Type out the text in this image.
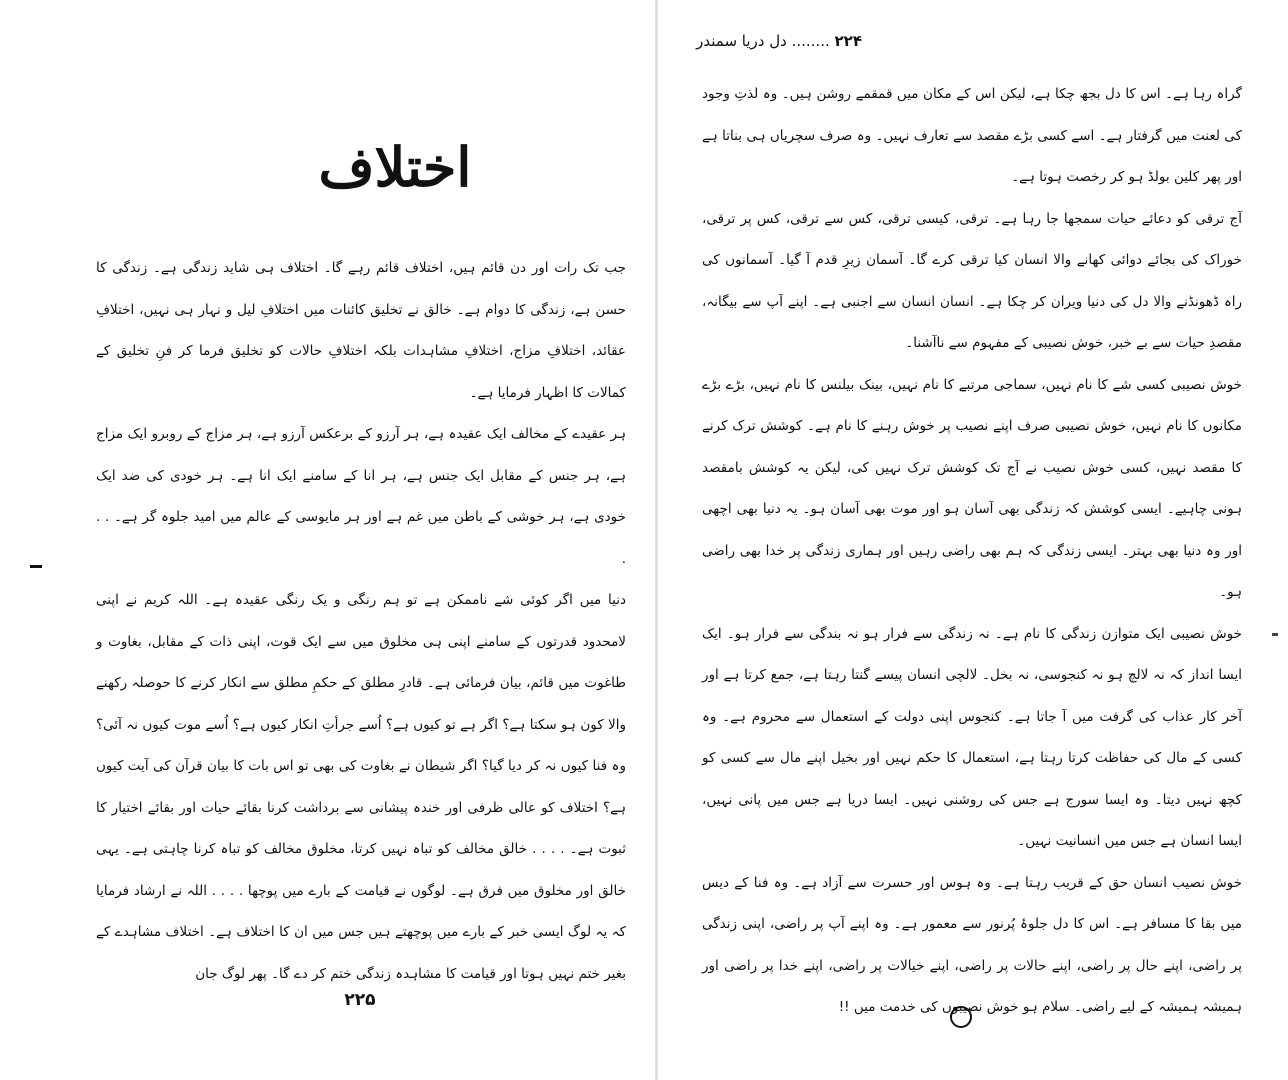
اختلاف

جب تک رات اور دن قائم ہیں، اختلاف قائم رہے گا۔ اختلاف ہی شاید زندگی ہے۔ زندگی کا حسن ہے، زندگی کا دوام ہے۔ خالق نے تخلیق کائنات میں اختلافِ لیل و نہار ہی نہیں، اختلافِ عقائد، اختلافِ مزاج، اختلافِ مشاہدات بلکہ اختلافِ حالات کو تخلیق فرما کر فنِ تخلیق کے کمالات کا اظہار فرمایا ہے۔

ہر عقیدے کے مخالف ایک عقیدہ ہے، ہر آرزو کے برعکس آرزو ہے، ہر مزاج کے روبرو ایک مزاج ہے، ہر جنس کے مقابل ایک جنس ہے، ہر انا کے سامنے ایک انا ہے۔ ہر خودی کی ضد ایک خودی ہے، ہر خوشی کے باطن میں غم ہے اور ہر مایوسی کے عالم میں امید جلوہ گر ہے۔ . . .

دنیا میں اگر کوئی شے ناممکن ہے تو ہم رنگی و یک رنگی عقیدہ ہے۔ اللہ کریم نے اپنی لامحدود قدرتوں کے سامنے اپنی ہی مخلوق میں سے ایک قوت، اپنی ذات کے مقابل، بغاوت و طاغوت میں قائم، بیان فرمائی ہے۔ قادرِ مطلق کے حکمِ مطلق سے انکار کرنے کا حوصلہ رکھنے والا کون ہو سکتا ہے؟ اگر ہے تو کیوں ہے؟ اُسے جرأتِ انکار کیوں ہے؟ اُسے موت کیوں نہ آئی؟ وہ فنا کیوں نہ کر دیا گیا؟ اگر شیطان نے بغاوت کی بھی تو اس بات کا بیان قرآن کی آیت کیوں ہے؟ اختلاف کو عالی ظرفی اور خندہ پیشانی سے برداشت کرنا بقائے حیات اور بقائے اختیار کا ثبوت ہے۔ . . . . خالق مخالف کو تباہ نہیں کرتا، مخلوق مخالف کو تباہ کرنا چاہتی ہے۔ یہی خالق اور مخلوق میں فرق ہے۔ لوگوں نے قیامت کے بارے میں پوچھا . . . . اللہ نے ارشاد فرمایا کہ یہ لوگ ایسی خبر کے بارے میں پوچھتے ہیں جس میں ان کا اختلاف ہے۔ اختلاف مشاہدے کے بغیر ختم نہیں ہوتا اور قیامت کا مشاہدہ زندگی ختم کر دے گا۔ پھر لوگ جان

۲۲۵
۲۲۴ ........ دل دریا سمندر

گراہ رہا ہے۔ اس کا دل بجھ چکا ہے، لیکن اس کے مکان میں قمقمے روشن ہیں۔ وہ لذتِ وجود کی لعنت میں گرفتار ہے۔ اسے کسی بڑے مقصد سے تعارف نہیں۔ وہ صرف سچریاں ہی بناتا ہے اور پھر کلین بولڈ ہو کر رخصت ہوتا ہے۔

آج ترقی کو دعائے حیات سمجھا جا رہا ہے۔ ترقی، کیسی ترقی، کس سے ترقی، کس پر ترقی، خوراک کی بجائے دوائی کھانے والا انسان کیا ترقی کرے گا۔ آسمان زیرِ قدم آ گیا۔ آسمانوں کی راہ ڈھونڈنے والا دل کی دنیا ویران کر چکا ہے۔ انسان انسان سے اجنبی ہے۔ اپنے آپ سے بیگانہ، مقصدِ حیات سے بے خبر، خوش نصیبی کے مفہوم سے ناآشنا۔

خوش نصیبی کسی شے کا نام نہیں، سماجی مرتبے کا نام نہیں، بینک بیلنس کا نام نہیں، بڑے بڑے مکانوں کا نام نہیں، خوش نصیبی صرف اپنے نصیب پر خوش رہنے کا نام ہے۔ کوشش ترک کرنے کا مقصد نہیں، کسی خوش نصیب نے آج تک کوشش ترک نہیں کی، لیکن یہ کوشش بامقصد ہونی چاہیے۔ ایسی کوشش کہ زندگی بھی آسان ہو اور موت بھی آسان ہو۔ یہ دنیا بھی اچھی اور وہ دنیا بھی بہتر۔ ایسی زندگی کہ ہم بھی راضی رہیں اور ہماری زندگی پر خدا بھی راضی ہو۔

خوش نصیبی ایک متوازن زندگی کا نام ہے۔ نہ زندگی سے فرار ہو نہ بندگی سے فرار ہو۔ ایک ایسا انداز کہ نہ لالچ ہو نہ کنجوسی، نہ بخل۔ لالچی انسان پیسے گنتا رہتا ہے، جمع کرتا ہے اور آخر کار عذاب کی گرفت میں آ جاتا ہے۔ کنجوس اپنی دولت کے استعمال سے محروم ہے۔ وہ کسی کے مال کی حفاظت کرتا رہتا ہے، استعمال کا حکم نہیں اور بخیل اپنے مال سے کسی کو کچھ نہیں دیتا۔ وہ ایسا سورج ہے جس کی روشنی نہیں۔ ایسا دریا ہے جس میں پانی نہیں، ایسا انسان ہے جس میں انسانیت نہیں۔

خوش نصیب انسان حق کے قریب رہتا ہے۔ وہ ہوس اور حسرت سے آزاد ہے۔ وہ فنا کے دیس میں بقا کا مسافر ہے۔ اس کا دل جلوۂ پُرنور سے معمور ہے۔ وہ اپنے آپ پر راضی، اپنی زندگی پر راضی، اپنے حال پر راضی، اپنے حالات پر راضی، اپنے خیالات پر راضی، اپنے خدا پر راضی اور ہمیشہ ہمیشہ کے لیے راضی۔ سلام ہو خوش نصیبوں کی خدمت میں !!
